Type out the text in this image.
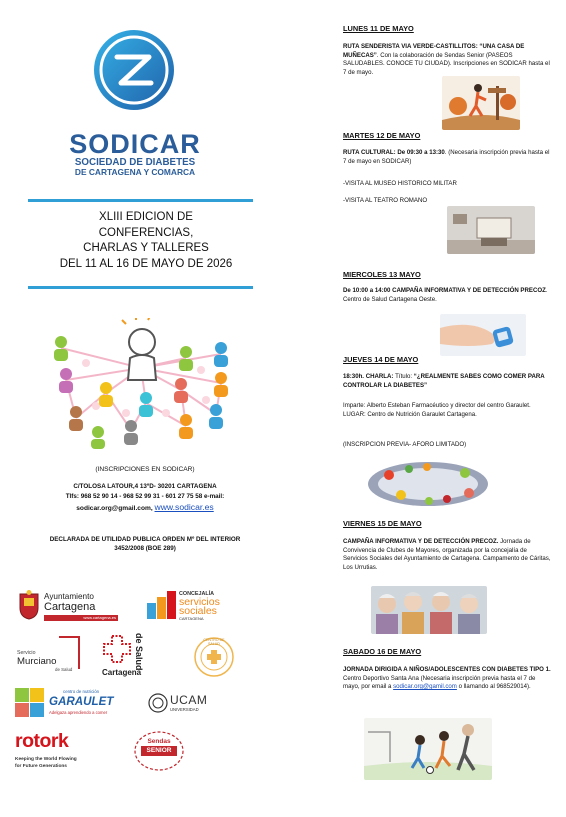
SODICAR
SOCIEDAD DE DIABETES
DE CARTAGENA Y COMARCA
XLIII EDICION DE
CONFERENCIAS,
CHARLAS Y TALLERES
DEL 11 AL 16 DE MAYO DE 2026
(INSCRIPCIONES EN SODICAR)
C/TOLOSA LATOUR,4 13ºD- 30201 CARTAGENA
Tlfs: 968 52 90 14 - 968 52 99 31 - 601 27 75 58 e-mail:
sodicar.org@gmail.com, www.sodicar.es
DECLARADA DE UTILIDAD PUBLICA ORDEN Mº DEL INTERIOR
3452/2008 (BOE 289)
Ayuntamiento
Cartagena
www.cartagena.es
CONCEJALÍA
servicios
sociales
CARTAGENA
Servicio
Murciano
de Salud	de Salud
Cartagena
CENTRO DE SALUD
centro de nutrición
GARAULET
Adelgaza aprendiendo a comer
UCAM
UNIVERSIDAD
rotork
Keeping the World Flowing
for Future Generations
Sendas
SENIOR
LUNES 11 DE MAYO
RUTA SENDERISTA VIA VERDE-CASTILLITOS: “UNA CASA DE MUÑECAS”. Con la colaboración de Sendas Senior (PASEOS SALUDABLES. CONOCE TU CIUDAD). Inscripciones en SODICAR hasta el 7 de mayo.
MARTES 12 DE MAYO
RUTA CULTURAL: De 09:30 a 13:30. (Necesaria inscripción previa hasta el 7 de mayo en SODICAR)
-VISITA AL MUSEO HISTORICO MILITAR
-VISITA AL TEATRO ROMANO
MIERCOLES 13 MAYO
De 10:00 a 14:00 CAMPAÑA INFORMATIVA Y DE DETECCIÓN PRECOZ. Centro de Salud Cartagena Oeste.
JUEVES 14 DE MAYO
18:30h. CHARLA: Título: “¿REALMENTE SABES COMO COMER PARA CONTROLAR LA DIABETES”
Imparte: Alberto Esteban Farmacéutico y director del centro Garaulet. LUGAR: Centro de Nutrición Garaulet Cartagena.
(INSCRIPCION PREVIA- AFORO LIMITADO)
VIERNES 15 DE MAYO
CAMPAÑA INFORMATIVA Y DE DETECCIÓN PRECOZ. Jornada de Convivencia de Clubes de Mayores, organizada por la concejalía de Servicios Sociales del Ayuntamiento de Cartagena. Campamento de Cáritas, Los Urrutias.
SABADO 16 DE MAYO
JORNADA DIRIGIDA A NIÑOS/ADOLESCENTES CON DIABETES TIPO 1. Centro Deportivo Santa Ana (Necesaria inscripción previa hasta el 7 de mayo, por email a sodicar.org@gamil.com o llamando al 968529014).
